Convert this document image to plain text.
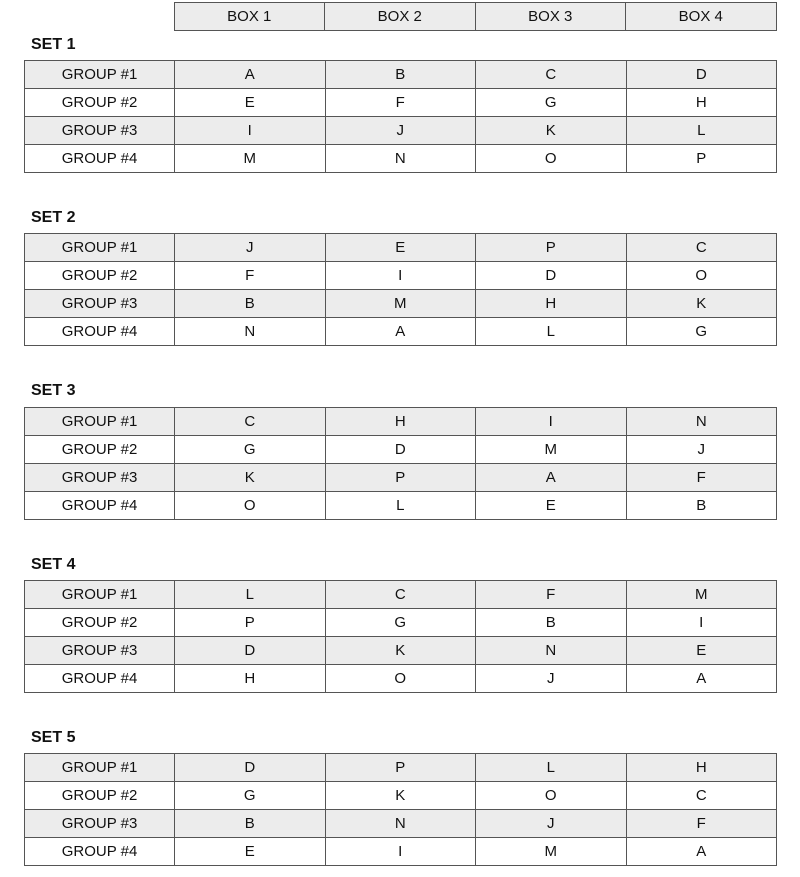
	BOX 1	BOX 2	BOX 3	BOX 4
SET 1
GROUP #1	A	B	C	D
GROUP #2	E	F	G	H
GROUP #3	I	J	K	L
GROUP #4	M	N	O	P
SET 2
GROUP #1	J	E	P	C
GROUP #2	F	I	D	O
GROUP #3	B	M	H	K
GROUP #4	N	A	L	G
SET 3
GROUP #1	C	H	I	N
GROUP #2	G	D	M	J
GROUP #3	K	P	A	F
GROUP #4	O	L	E	B
SET 4
GROUP #1	L	C	F	M
GROUP #2	P	G	B	I
GROUP #3	D	K	N	E
GROUP #4	H	O	J	A
SET 5
GROUP #1	D	P	L	H
GROUP #2	G	K	O	C
GROUP #3	B	N	J	F
GROUP #4	E	I	M	A
